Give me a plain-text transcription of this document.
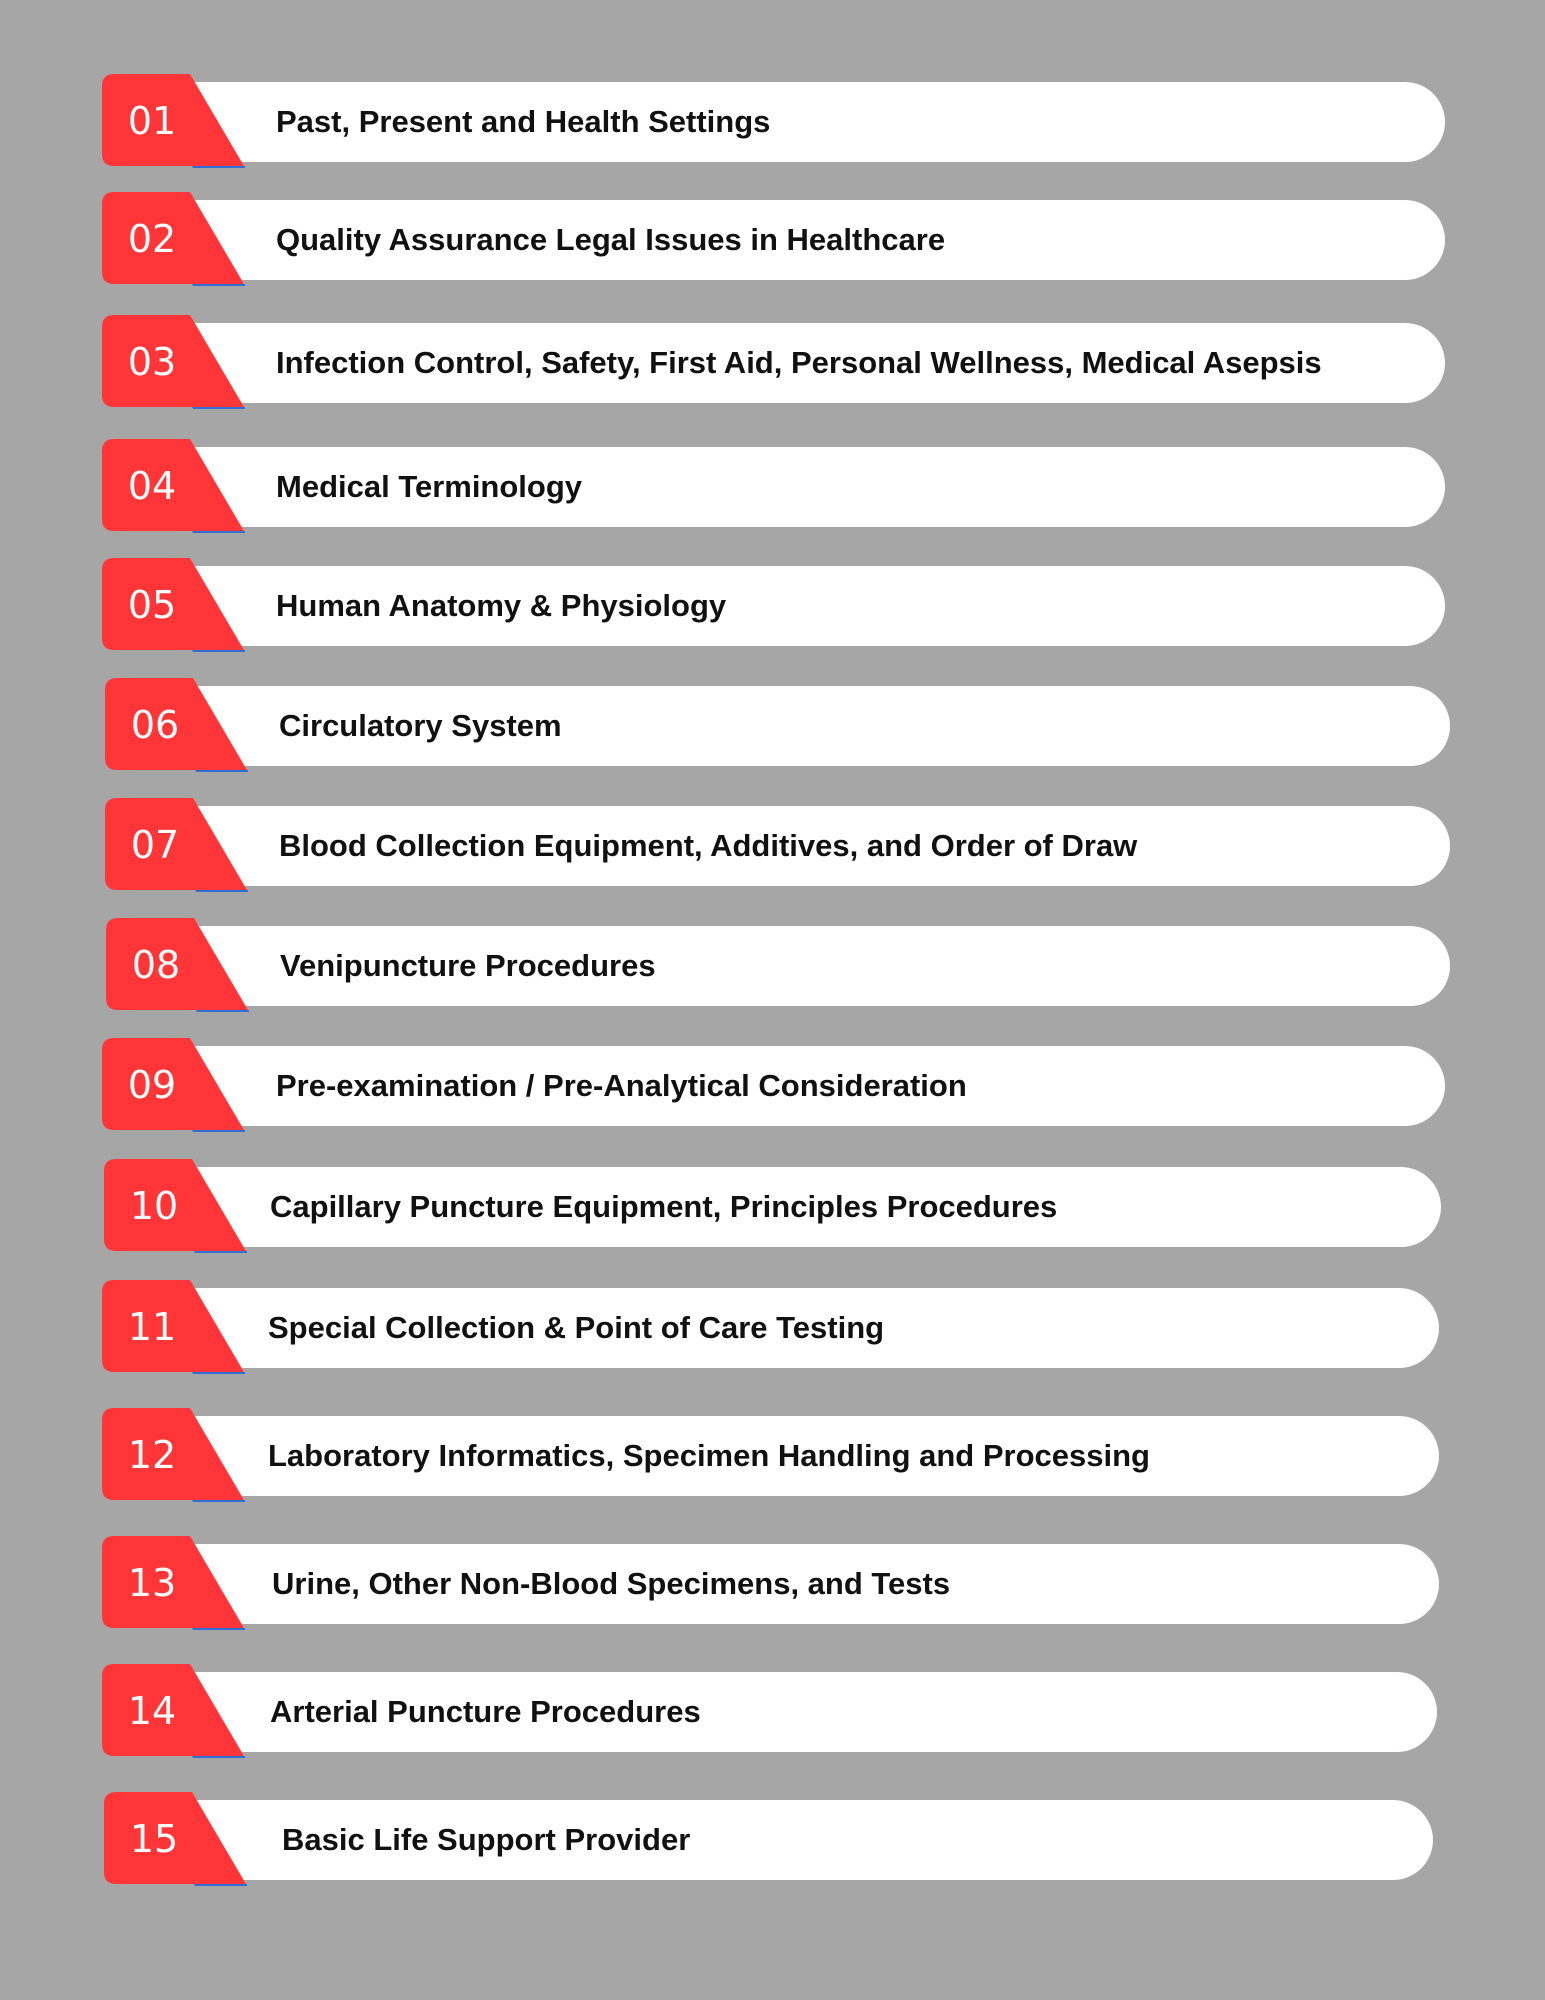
Past, Present and Health Settings
01
Quality Assurance Legal Issues in Healthcare
02
Infection Control, Safety, First Aid, Personal Wellness, Medical Asepsis
03
Medical Terminology
04
Human Anatomy & Physiology
05
Circulatory System
06
Blood Collection Equipment, Additives, and Order of Draw
07
Venipuncture Procedures
08
Pre-examination / Pre-Analytical Consideration
09
Capillary Puncture Equipment, Principles Procedures
10
Special Collection & Point of Care Testing
11
Laboratory Informatics, Specimen Handling and Processing
12
Urine, Other Non-Blood Specimens, and Tests
13
Arterial Puncture Procedures
14
Basic Life Support Provider
15
